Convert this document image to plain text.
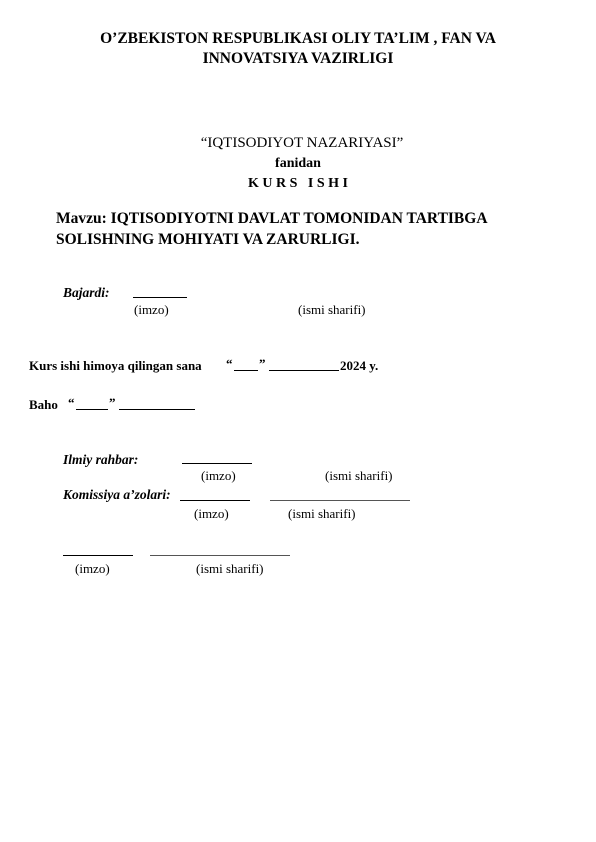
O’ZBEKISTON RESPUBLIKASI OLIY TA’LIM , FAN VA
INNOVATSIYA VAZIRLIGI
“IQTISODIYOT NAZARIYASI”
fanidan
K U R S   I S H I
Mavzu: IQTISODIYOTNI DAVLAT TOMONIDAN TARTIBGA
SOLISHNING MOHIYATI VA ZARURLIGI.
Bajardi:
(imzo)	(ismi sharifi)
Kurs ishi himoya qilingan sana “ ”	2024 y.
Baho “	”
Ilmiy rahbar:
(imzo)	(ismi sharifi)
Komissiya a’zolari:
(imzo)	(ismi sharifi)
(imzo)	(ismi sharifi)
